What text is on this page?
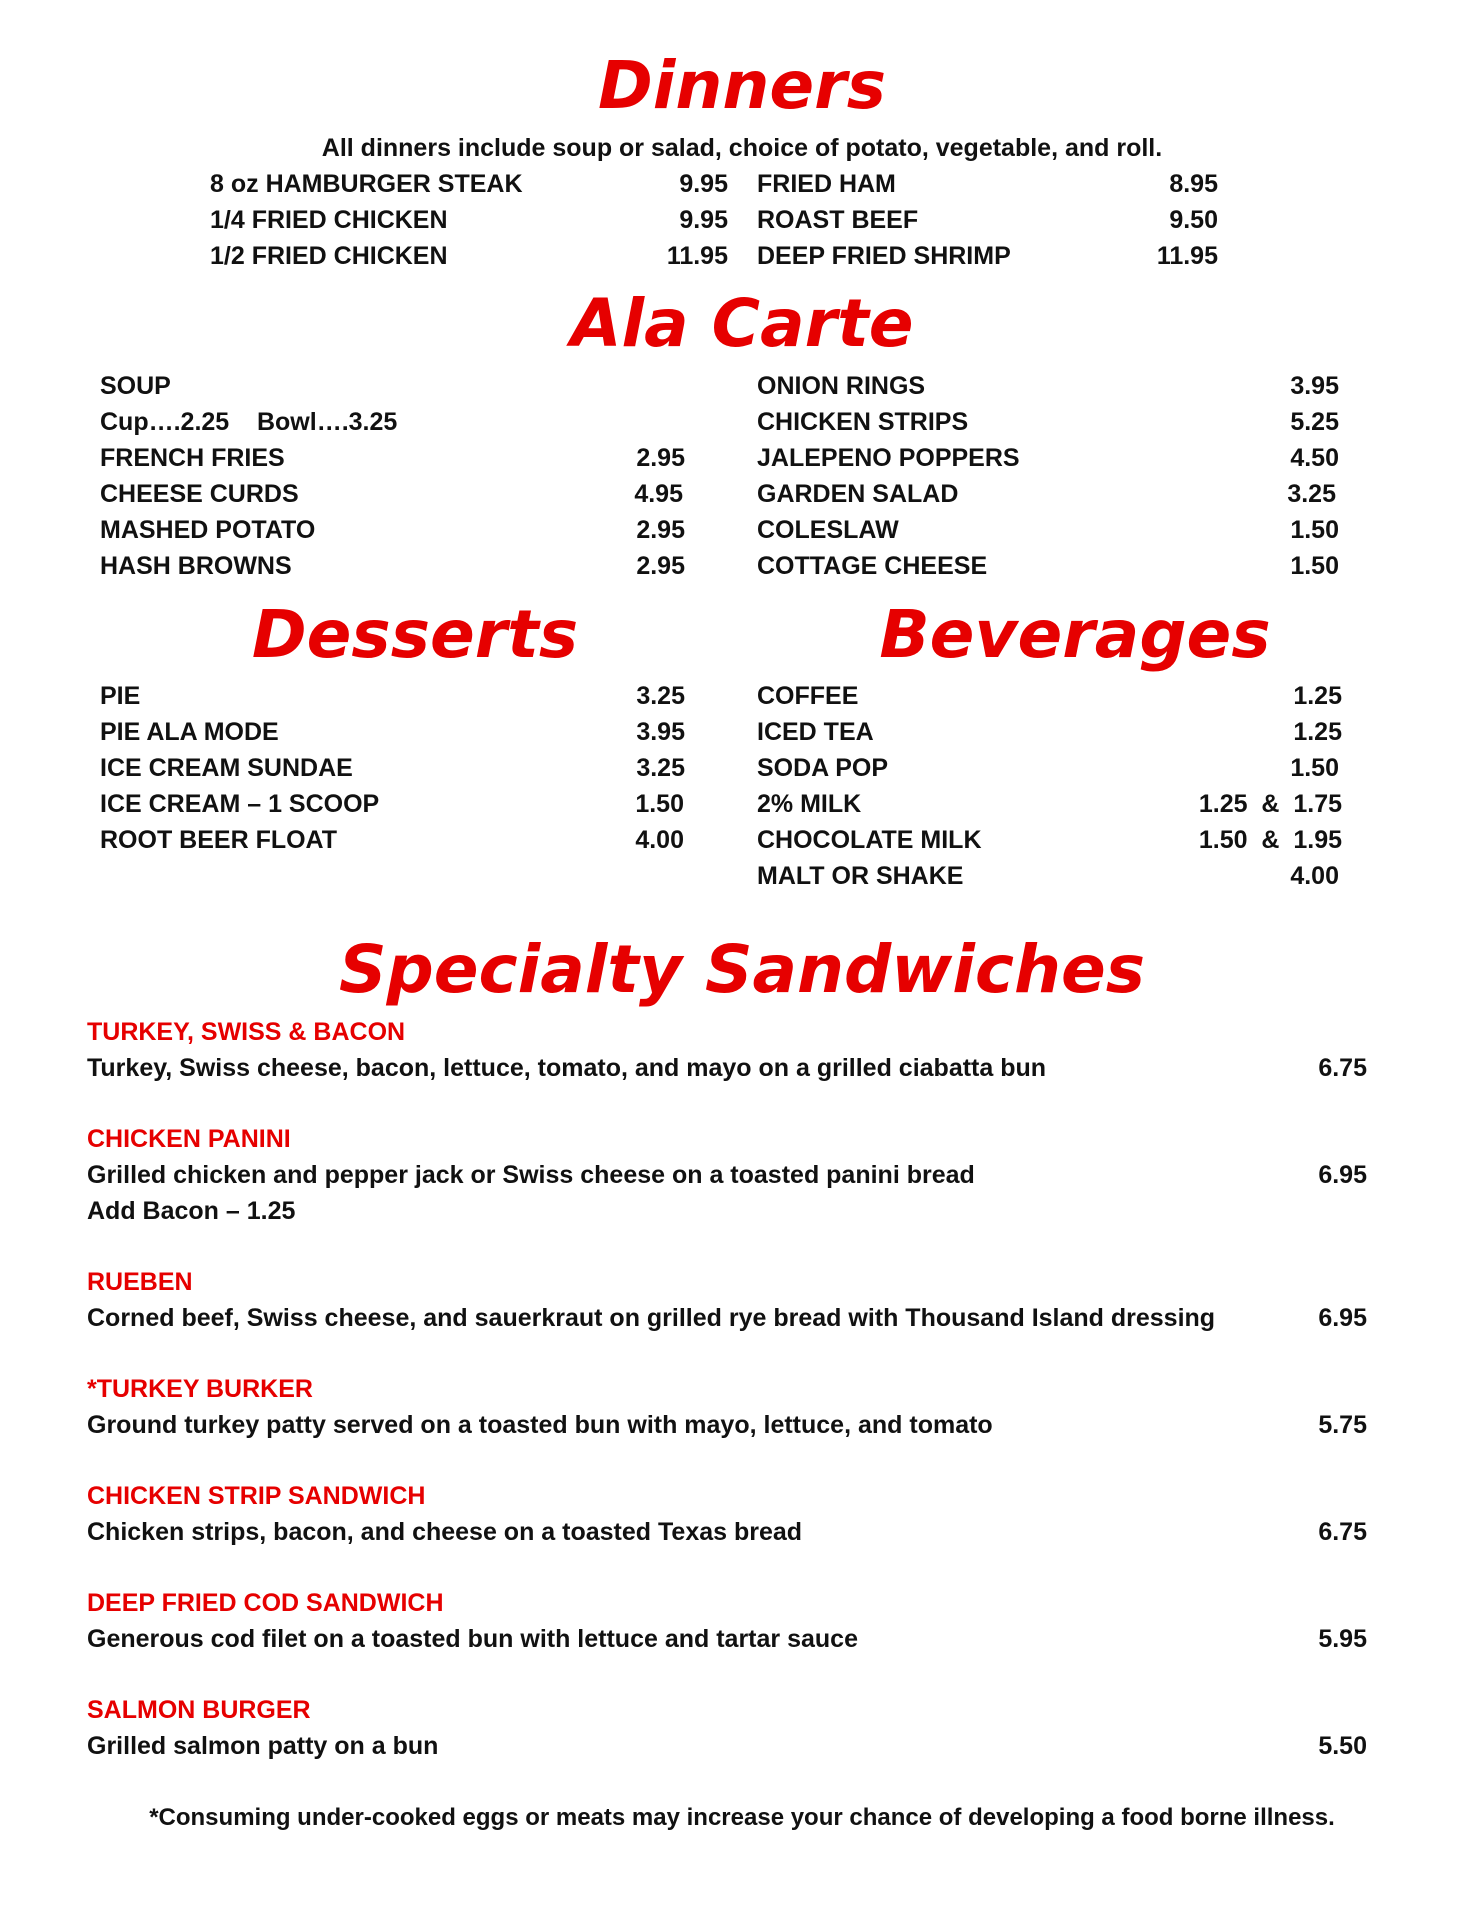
Dinners
All dinners include soup or salad, choice of potato, vegetable, and roll.
8 oz HAMBURGER STEAK	9.95
1/4 FRIED CHICKEN	9.95
1/2 FRIED CHICKEN	11.95
FRIED HAM	8.95
ROAST BEEF	9.50
DEEP FRIED SHRIMP	11.95
Ala Carte
SOUP
Cup….2.25    Bowl….3.25
FRENCH FRIES	2.95
CHEESE CURDS	4.95
MASHED POTATO	2.95
HASH BROWNS	2.95
ONION RINGS	3.95
CHICKEN STRIPS	5.25
JALEPENO POPPERS	4.50
GARDEN SALAD	3.25
COLESLAW	1.50
COTTAGE CHEESE	1.50
Desserts	Beverages
PIE	3.25
PIE ALA MODE	3.95
ICE CREAM SUNDAE	3.25
ICE CREAM – 1 SCOOP	1.50
ROOT BEER FLOAT	4.00
COFFEE	1.25
ICED TEA	1.25
SODA POP	1.50
2% MILK	1.25  &  1.75
CHOCOLATE MILK	1.50  &  1.95
MALT OR SHAKE	4.00
Specialty Sandwiches
TURKEY, SWISS & BACON
Turkey, Swiss cheese, bacon, lettuce, tomato, and mayo on a grilled ciabatta bun	6.75
CHICKEN PANINI
Grilled chicken and pepper jack or Swiss cheese on a toasted panini bread	6.95
Add Bacon – 1.25
RUEBEN
Corned beef, Swiss cheese, and sauerkraut on grilled rye bread with Thousand Island dressing	6.95
*TURKEY BURKER
Ground turkey patty served on a toasted bun with mayo, lettuce, and tomato	5.75
CHICKEN STRIP SANDWICH
Chicken strips, bacon, and cheese on a toasted Texas bread	6.75
DEEP FRIED COD SANDWICH
Generous cod filet on a toasted bun with lettuce and tartar sauce	5.95
SALMON BURGER
Grilled salmon patty on a bun	5.50
*Consuming under-cooked eggs or meats may increase your chance of developing a food borne illness.
